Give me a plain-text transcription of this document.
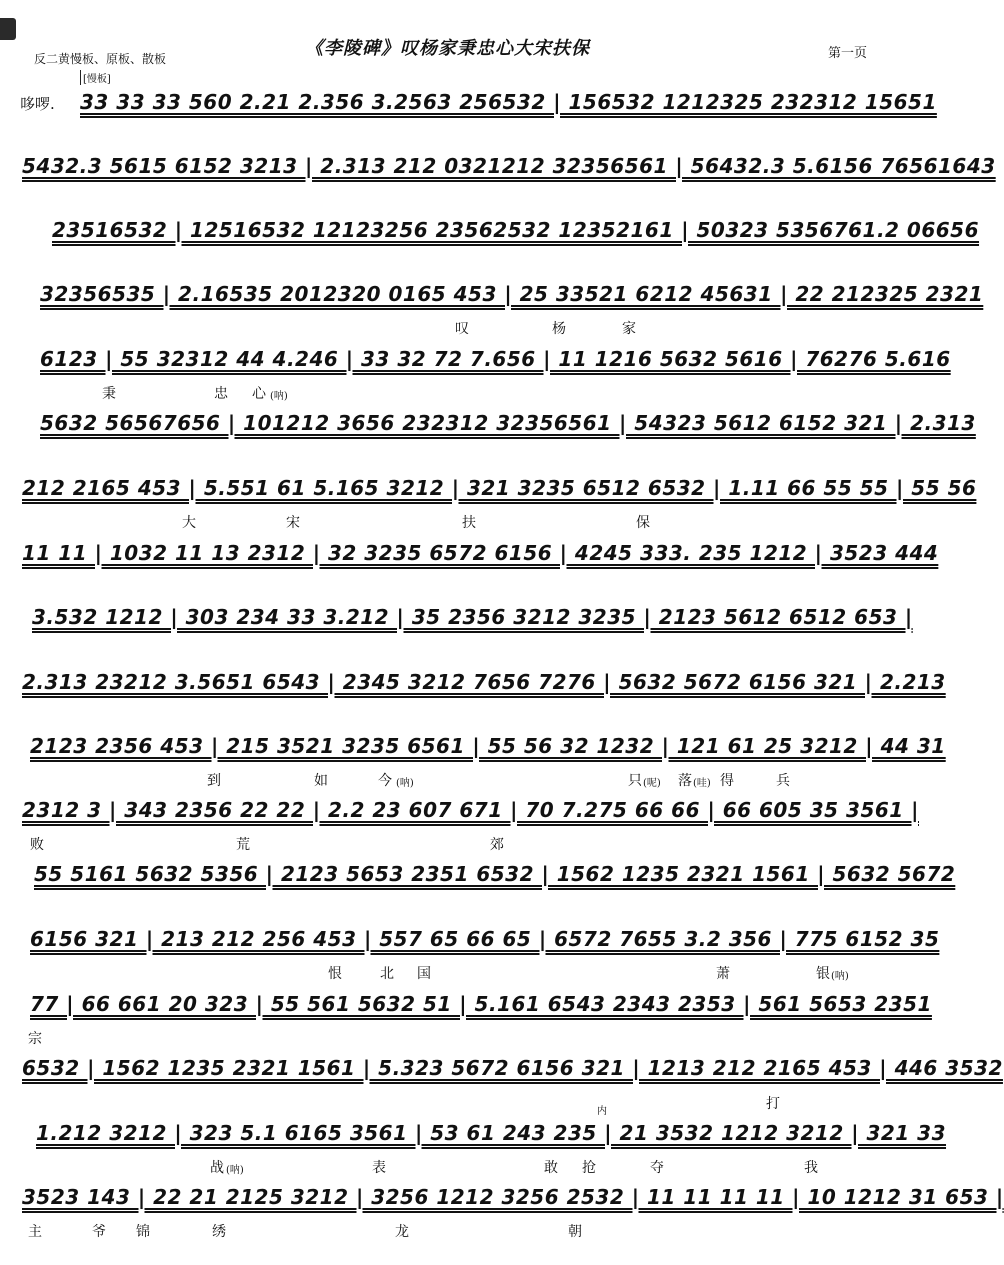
《李陵碑》叹杨家秉忠心大宋扶保
反二黄慢板、原板、散板	第一页
[慢板]
哆啰. 33 33 33 560 2.21 2.356 3.2563 256532 | 156532 1212325 232312 15651
5432.3 5615 6152 3213 | 2.313 212 0321212 32356561 | 56432.3 5.6156 76561643
23516532 | 12516532 12123256 23562532 12352161 | 50323 5356761.2 06656
32356535 | 2.16535 2012320 0165 453 | 25 33521 6212 45631 | 22 212325 2321
6123 | 55 32312 44 4.246 | 33 32 72 7.656 | 11 1216 5632 5616 | 76276 5.616
5632 56567656 | 101212 3656 232312 32356561 | 54323 5612 6152 321 | 2.313
212 2165 453 | 5.551 61 5.165 3212 | 321 3235 6512 6532 | 1.11 66 55 55 | 55 56
11 11 | 1032 11 13 2312 | 32 3235 6572 6156 | 4245 333. 235 1212 | 3523 444
3.532 1212 | 303 234 33 3.212 | 35 2356 3212 3235 | 2123 5612 6512 653 |
2.313 23212 3.5651 6543 | 2345 3212 7656 7276 | 5632 5672 6156 321 | 2.213
2123 2356 453 | 215 3521 3235 6561 | 55 56 32 1232 | 121 61 25 3212 | 44 31
2312 3 | 343 2356 22 22 | 2.2 23 607 671 | 70 7.275 66 66 | 66 605 35 3561 |
55 5161 5632 5356 | 2123 5653 2351 6532 | 1562 1235 2321 1561 | 5632 5672
6156 321 | 213 212 256 453 | 557 65 66 65 | 6572 7655 3.2 356 | 775 6152 35
77 | 66 661 20 323 | 55 561 5632 51 | 5.161 6543 2343 2353 | 561 5653 2351
6532 | 1562 1235 2321 1561 | 5.323 5672 6156 321 | 1213 212 2165 453 | 446 3532
1.212 3212 | 323 5.1 6165 3561 | 53 61 243 235 | 21 3532 1212 3212 | 321 33
3523 143 | 22 21 2125 3212 | 3256 1212 3256 2532 | 11 11 11 11 | 10 1212 31 653 |
叹	杨	家
秉	忠 心 (呐)
大	宋	扶	保
到	如	今 (呐)	只 (呢) 落 (哇) 得	兵
败	荒	郊
恨	北 国	萧	银 (呐)
宗
打
内
战 (呐)	表	敢 抢	夺	我
主	爷 锦	绣	龙	朝
